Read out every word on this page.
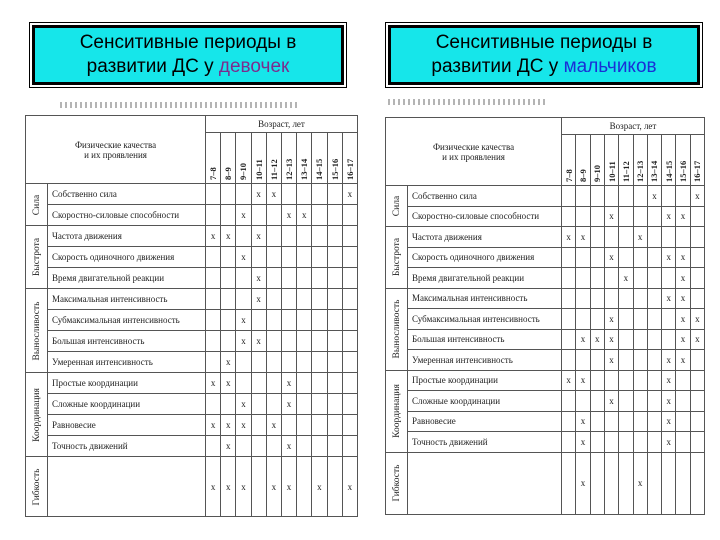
Сенситивные периоды в
развитии ДС у девочек
Сенситивные периоды в
развитии ДС у мальчиков
Физические качества
и их проявления		Возраст, лет									

		7–8	8–9	9–10	10–11	11–12	12–13	13–14	14–15	15–16	16–17

Сила	Собственно сила				x	x					x
	Скоростно-силовые способности			x			x	x			

Быстрота	Частота движения	x	x		x						
	Скорость одиночного движения			x							
	Время двигательной реакции				x						

Выносливость	Максимальная интенсивность				x						
	Субмаксимальная интенсивность			x							
	Большая интенсивность			x	x						
	Умеренная интенсивность		x								

Координация	Простые координации	x	x				x				
	Сложные координации			x			x				
	Равновесие	x	x	x		x					
	Точность движений		x				x				

Гибкость		x	x	x		x	x		x		x
Физические качества
и их проявления		Возраст, лет									

		7–8	8–9	9–10	10–11	11–12	12–13	13–14	14–15	15–16	16–17

Сила	Собственно сила							x			x
	Скоростно-силовые способности				x				x	x	

Быстрота	Частота движения	x	x				x				
	Скорость одиночного движения				x				x	x	
	Время двигательной реакции					x				x	

Выносливость	Максимальная интенсивность								x	x	
	Субмаксимальная интенсивность				x					x	x
	Большая интенсивность		x	x	x					x	x
	Умеренная интенсивность				x				x	x	

Координация	Простые координации	x	x						x		
	Сложные координации				x				x		
	Равновесие		x						x		
	Точность движений		x						x		

Гибкость			x				x				
